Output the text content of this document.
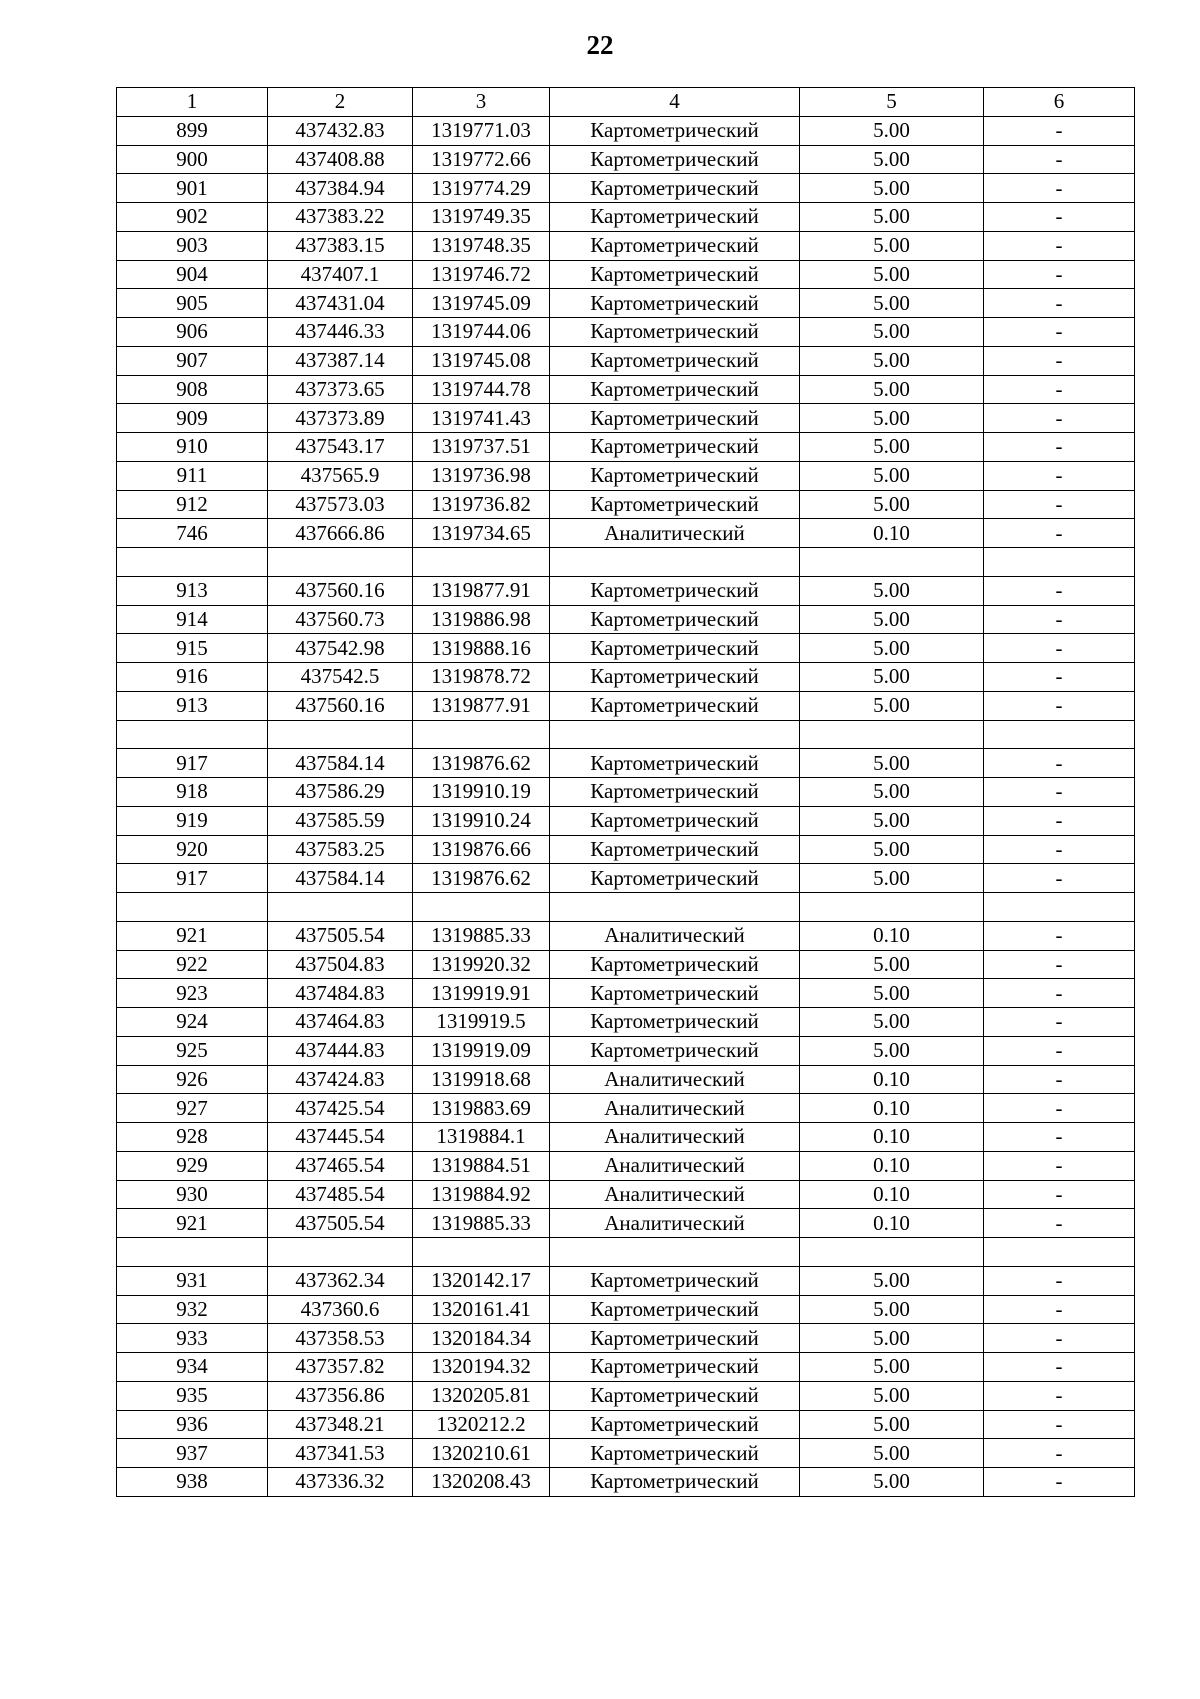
22
1	2	3	4	5	6
899	437432.83	1319771.03	Картометрический	5.00	-
900	437408.88	1319772.66	Картометрический	5.00	-
901	437384.94	1319774.29	Картометрический	5.00	-
902	437383.22	1319749.35	Картометрический	5.00	-
903	437383.15	1319748.35	Картометрический	5.00	-
904	437407.1	1319746.72	Картометрический	5.00	-
905	437431.04	1319745.09	Картометрический	5.00	-
906	437446.33	1319744.06	Картометрический	5.00	-
907	437387.14	1319745.08	Картометрический	5.00	-
908	437373.65	1319744.78	Картометрический	5.00	-
909	437373.89	1319741.43	Картометрический	5.00	-
910	437543.17	1319737.51	Картометрический	5.00	-
911	437565.9	1319736.98	Картометрический	5.00	-
912	437573.03	1319736.82	Картометрический	5.00	-
746	437666.86	1319734.65	Аналитический	0.10	-

913	437560.16	1319877.91	Картометрический	5.00	-
914	437560.73	1319886.98	Картометрический	5.00	-
915	437542.98	1319888.16	Картометрический	5.00	-
916	437542.5	1319878.72	Картометрический	5.00	-
913	437560.16	1319877.91	Картометрический	5.00	-

917	437584.14	1319876.62	Картометрический	5.00	-
918	437586.29	1319910.19	Картометрический	5.00	-
919	437585.59	1319910.24	Картометрический	5.00	-
920	437583.25	1319876.66	Картометрический	5.00	-
917	437584.14	1319876.62	Картометрический	5.00	-

921	437505.54	1319885.33	Аналитический	0.10	-
922	437504.83	1319920.32	Картометрический	5.00	-
923	437484.83	1319919.91	Картометрический	5.00	-
924	437464.83	1319919.5	Картометрический	5.00	-
925	437444.83	1319919.09	Картометрический	5.00	-
926	437424.83	1319918.68	Аналитический	0.10	-
927	437425.54	1319883.69	Аналитический	0.10	-
928	437445.54	1319884.1	Аналитический	0.10	-
929	437465.54	1319884.51	Аналитический	0.10	-
930	437485.54	1319884.92	Аналитический	0.10	-
921	437505.54	1319885.33	Аналитический	0.10	-

931	437362.34	1320142.17	Картометрический	5.00	-
932	437360.6	1320161.41	Картометрический	5.00	-
933	437358.53	1320184.34	Картометрический	5.00	-
934	437357.82	1320194.32	Картометрический	5.00	-
935	437356.86	1320205.81	Картометрический	5.00	-
936	437348.21	1320212.2	Картометрический	5.00	-
937	437341.53	1320210.61	Картометрический	5.00	-
938	437336.32	1320208.43	Картометрический	5.00	-
